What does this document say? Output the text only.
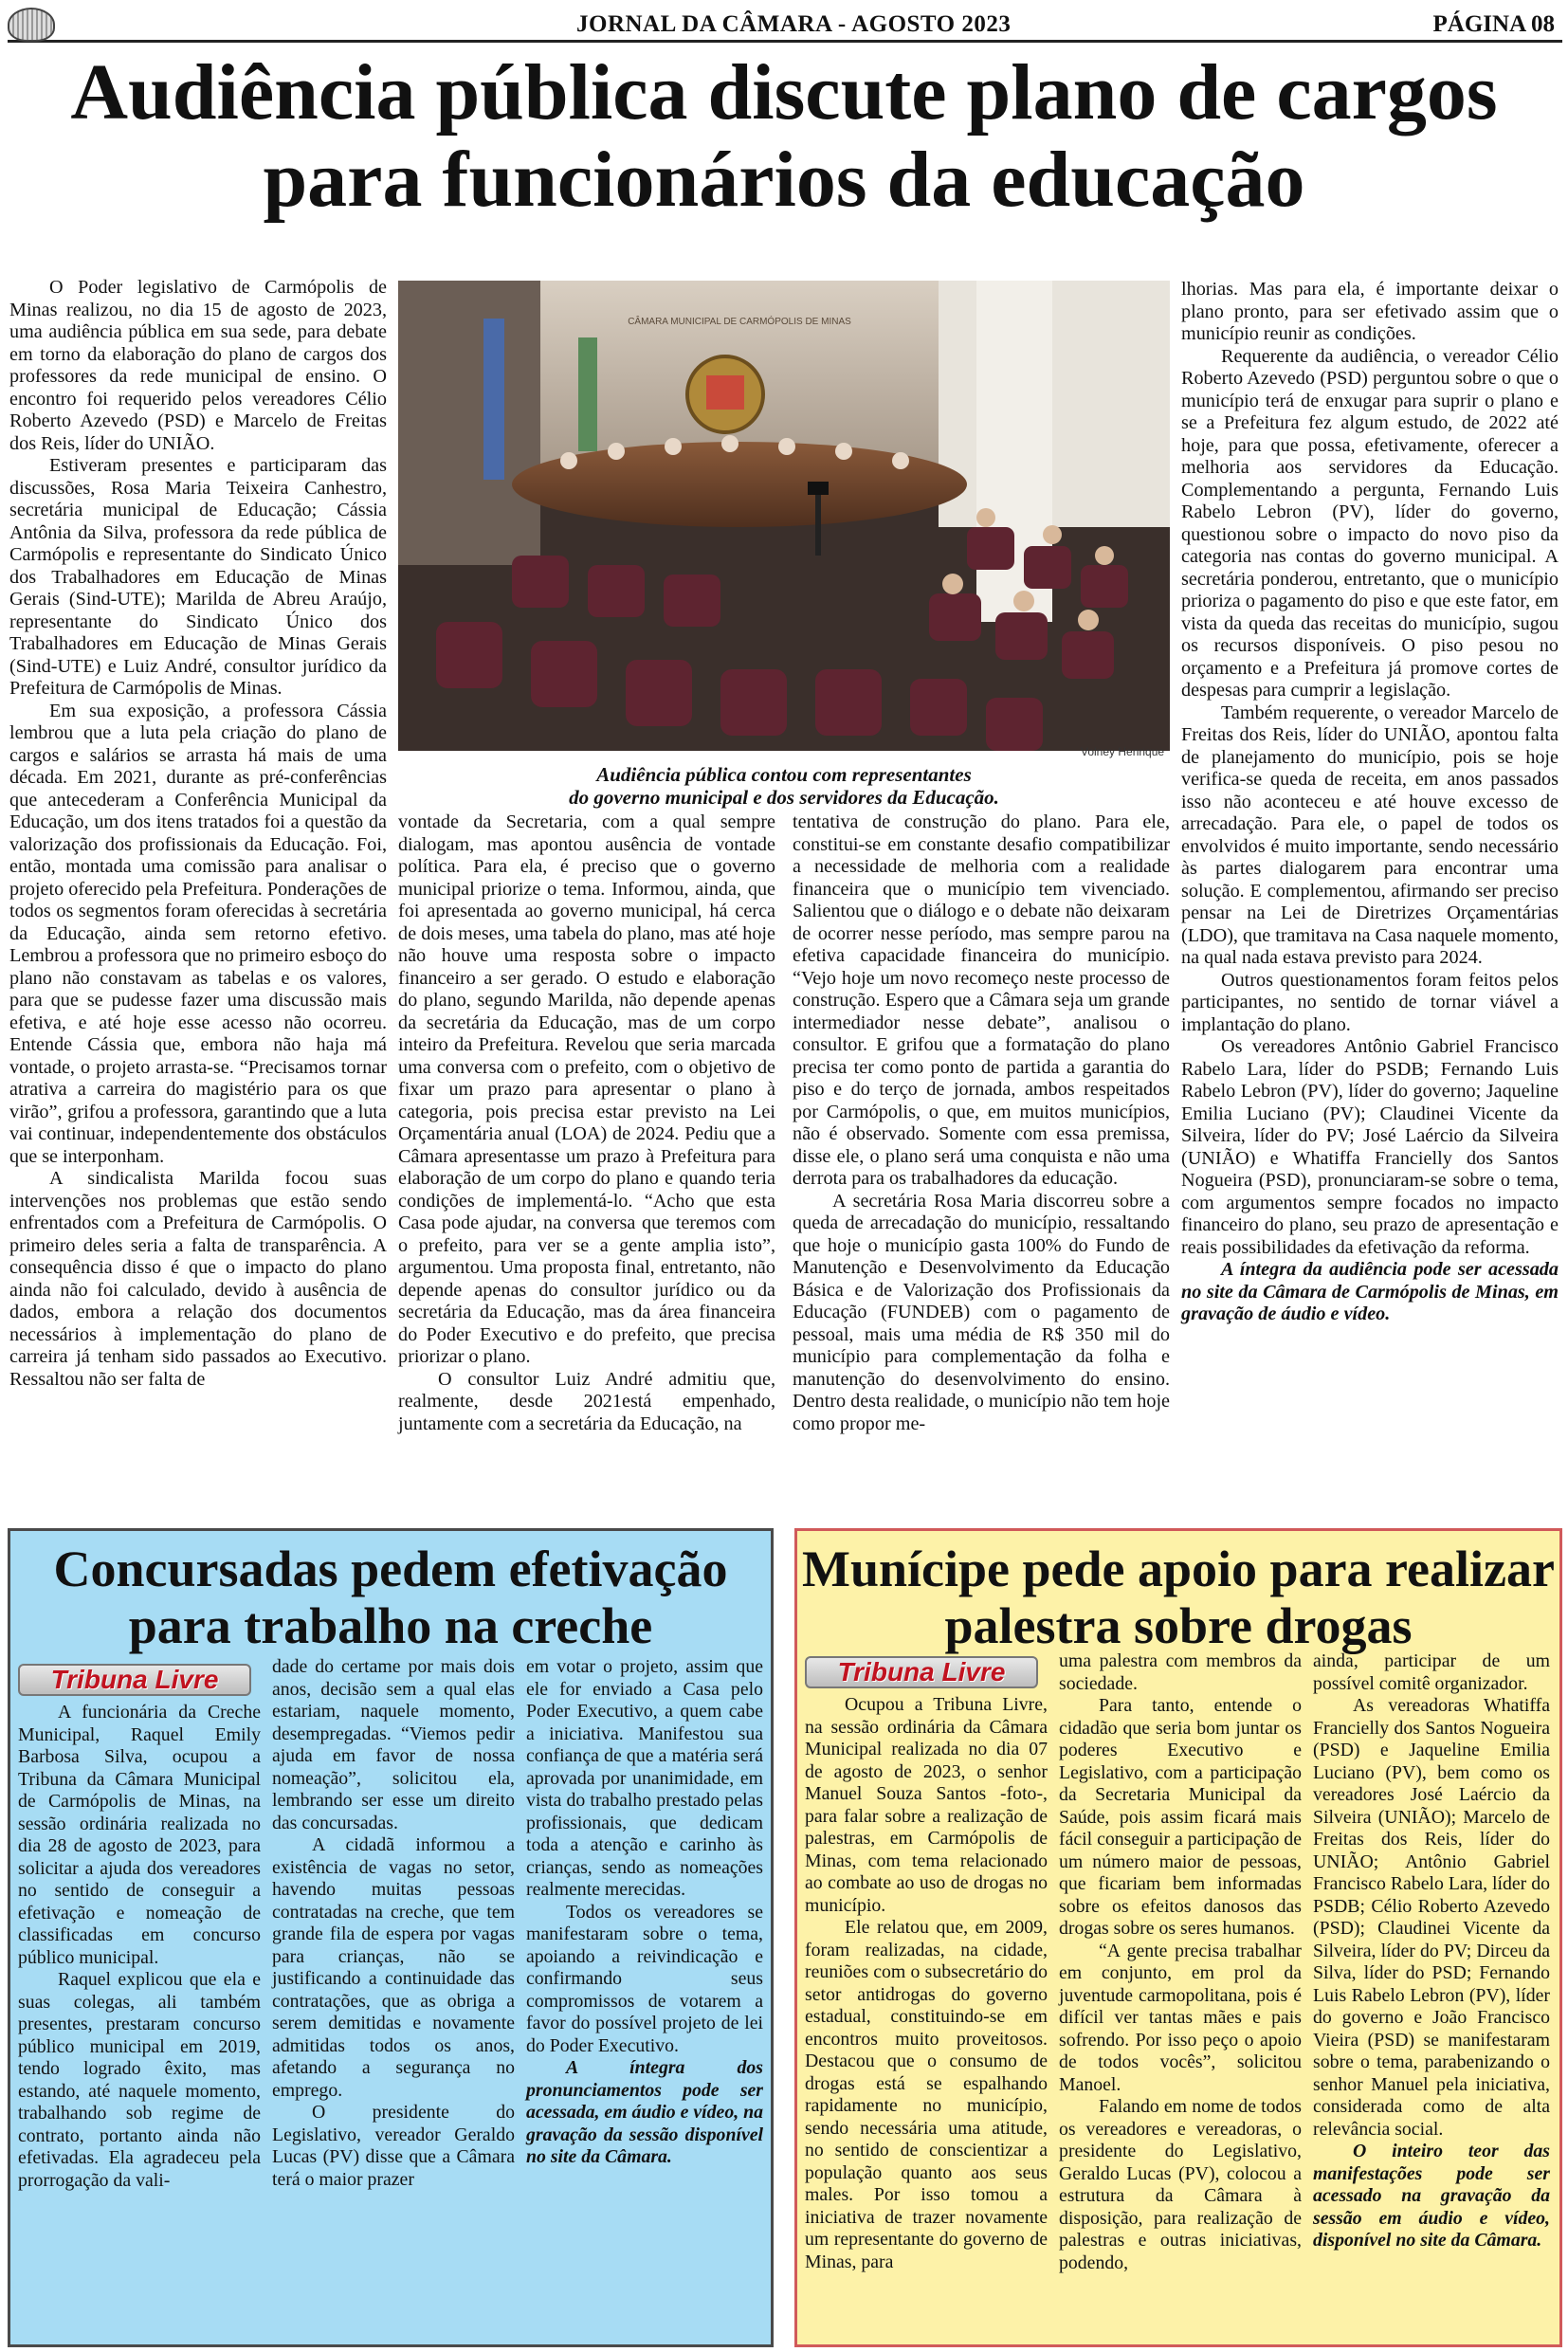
JORNAL DA CÂMARA - AGOSTO 2023	PÁGINA 08
Audiência pública discute plano de cargos para funcionários da educação

O Poder legislativo de Carmópolis de Minas realizou, no dia 15 de agosto de 2023, uma audiência pública em sua sede, para debate em torno da elaboração do plano de cargos dos professores da rede municipal de ensino. O encontro foi requerido pelos vereadores Célio Roberto Azevedo (PSD) e Marcelo de Freitas dos Reis, líder do UNIÃO.

Estiveram presentes e participaram das discussões, Rosa Maria Teixeira Canhestro, secretária municipal de Educação; Cássia Antônia da Silva, professora da rede pública de Carmópolis e representante do Sindicato Único dos Trabalhadores em Educação de Minas Gerais (Sind-UTE); Marilda de Abreu Araújo, representante do Sindicato Único dos Trabalhadores em Educação de Minas Gerais (Sind-UTE) e Luiz André, consultor jurídico da Prefeitura de Carmópolis de Minas.

Em sua exposição, a professora Cássia lembrou que a luta pela criação do plano de cargos e salários se arrasta há mais de uma década. Em 2021, durante as pré-conferências que antecederam a Conferência Municipal da Educação, um dos itens tratados foi a questão da valorização dos profissionais da Educação. Foi, então, montada uma comissão para analisar o projeto oferecido pela Prefeitura. Ponderações de todos os segmentos foram oferecidas à secretária da Educação, ainda sem retorno efetivo. Lembrou a professora que no primeiro esboço do plano não constavam as tabelas e os valores, para que se pudesse fazer uma discussão mais efetiva, e até hoje esse acesso não ocorreu. Entende Cássia que, embora não haja má vontade, o projeto arrasta-se. “Precisamos tornar atrativa a carreira do magistério para os que virão”, grifou a professora, garantindo que a luta vai continuar, independentemente dos obstáculos que se interponham.

A sindicalista Marilda focou suas intervenções nos problemas que estão sendo enfrentados com a Prefeitura de Carmópolis. O primeiro deles seria a falta de transparência. A consequência disso é que o impacto do plano ainda não foi calculado, devido à ausência de dados, embora a relação dos documentos necessários à implementação do plano de carreira já tenham sido passados ao Executivo. Ressaltou não ser falta de

CÂMARA MUNICIPAL DE CARMÓPOLIS DE MINAS
Volney Henrique
Audiência pública contou com representantes
do governo municipal e dos servidores da Educação.

vontade da Secretaria, com a qual sempre dialogam, mas apontou ausência de vontade política. Para ela, é preciso que o governo municipal priorize o tema. Informou, ainda, que foi apresentada ao governo municipal, há cerca de dois meses, uma tabela do plano, mas até hoje não houve uma resposta sobre o impacto financeiro a ser gerado. O estudo e elaboração do plano, segundo Marilda, não depende apenas da secretária da Educação, mas de um corpo inteiro da Prefeitura. Revelou que seria marcada uma conversa com o prefeito, com o objetivo de fixar um prazo para apresentar o plano à categoria, pois precisa estar previsto na Lei Orçamentária anual (LOA) de 2024. Pediu que a Câmara apresentasse um prazo à Prefeitura para elaboração de um corpo do plano e quando teria condições de implementá-lo. “Acho que esta Casa pode ajudar, na conversa que teremos com o prefeito, para ver se a gente amplia isto”, argumentou. Uma proposta final, entretanto, não depende apenas do consultor jurídico ou da secretária da Educação, mas da área financeira do Poder Executivo e do prefeito, que precisa priorizar o plano.

O consultor Luiz André admitiu que, realmente, desde 2021está empenhado, juntamente com a secretária da Educação, na

tentativa de construção do plano. Para ele, constitui-se em constante desafio compatibilizar a necessidade de melhoria com a realidade financeira que o município tem vivenciado. Salientou que o diálogo e o debate não deixaram de ocorrer nesse período, mas sempre parou na efetiva capacidade financeira do município. “Vejo hoje um novo recomeço neste processo de construção. Espero que a Câmara seja um grande intermediador nesse debate”, analisou o consultor. E grifou que a formatação do plano precisa ter como ponto de partida a garantia do piso e do terço de jornada, ambos respeitados por Carmópolis, o que, em muitos municípios, não é observado. Somente com essa premissa, disse ele, o plano será uma conquista e não uma derrota para os trabalhadores da educação.

A secretária Rosa Maria discorreu sobre a queda de arrecadação do município, ressaltando que hoje o município gasta 100% do Fundo de Manutenção e Desenvolvimento da Educação Básica e de Valorização dos Profissionais da Educação (FUNDEB) com o pagamento de pessoal, mais uma média de R$ 350 mil do município para complementação da folha e manutenção do desenvolvimento do ensino. Dentro desta realidade, o município não tem hoje como propor me-

lhorias. Mas para ela, é importante deixar o plano pronto, para ser efetivado assim que o município reunir as condições.

Requerente da audiência, o vereador Célio Roberto Azevedo (PSD) perguntou sobre o que o município terá de enxugar para suprir o plano e se a Prefeitura fez algum estudo, de 2022 até hoje, para que possa, efetivamente, oferecer a melhoria aos servidores da Educação. Complementando a pergunta, Fernando Luis Rabelo Lebron (PV), líder do governo, questionou sobre o impacto do novo piso da categoria nas contas do governo municipal. A secretária ponderou, entretanto, que o município prioriza o pagamento do piso e que este fator, em vista da queda das receitas do município, sugou os recursos disponíveis. O piso pesou no orçamento e a Prefeitura já promove cortes de despesas para cumprir a legislação.

Também requerente, o vereador Marcelo de Freitas dos Reis, líder do UNIÃO, apontou falta de planejamento do município, pois se hoje verifica-se queda de receita, em anos passados isso não aconteceu e até houve excesso de arrecadação. Para ele, o papel de todos os envolvidos é muito importante, sendo necessário às partes dialogarem para encontrar uma solução. E complementou, afirmando ser preciso pensar na Lei de Diretrizes Orçamentárias (LDO), que tramitava na Casa naquele momento, na qual nada estava previsto para 2024.

Outros questionamentos foram feitos pelos participantes, no sentido de tornar viável a implantação do plano.

Os vereadores Antônio Gabriel Francisco Rabelo Lara, líder do PSDB; Fernando Luis Rabelo Lebron (PV), líder do governo; Jaqueline Emilia Luciano (PV); Claudinei Vicente da Silveira, líder do PV; José Laércio da Silveira (UNIÃO) e Whatiffa Francielly dos Santos Nogueira (PSD), pronunciaram-se sobre o tema, com argumentos sempre focados no impacto financeiro do plano, seu prazo de apresentação e reais possibilidades da efetivação da reforma.

A íntegra da audiência pode ser acessada no site da Câmara de Carmópolis de Minas, em gravação de áudio e vídeo.

Concursadas pedem efetivação para trabalho na creche
Tribuna Livre

A funcionária da Creche Municipal, Raquel Emily Barbosa Silva, ocupou a Tribuna da Câmara Municipal de Carmópolis de Minas, na sessão ordinária realizada no dia 28 de agosto de 2023, para solicitar a ajuda dos vereadores no sentido de conseguir a efetivação e nomeação de classificadas em concurso público municipal.

Raquel explicou que ela e suas colegas, ali também presentes, prestaram concurso público municipal em 2019, tendo logrado êxito, mas estando, até naquele momento, trabalhando sob regime de contrato, portanto ainda não efetivadas. Ela agradeceu pela prorrogação da vali-

dade do certame por mais dois anos, decisão sem a qual elas estariam, naquele momento, desempregadas. “Viemos pedir ajuda em favor de nossa nomeação”, solicitou ela, lembrando ser esse um direito das concursadas.

A cidadã informou a existência de vagas no setor, havendo muitas pessoas contratadas na creche, que tem grande fila de espera por vagas para crianças, não se justificando a continuidade das contratações, que as obriga a serem demitidas e novamente admitidas todos os anos, afetando a segurança no emprego.

O presidente do Legislativo, vereador Geraldo Lucas (PV) disse que a Câmara terá o maior prazer

em votar o projeto, assim que ele for enviado a Casa pelo Poder Executivo, a quem cabe a iniciativa. Manifestou sua confiança de que a matéria será aprovada por unanimidade, em vista do trabalho prestado pelas profissionais, que dedicam toda a atenção e carinho às crianças, sendo as nomeações realmente merecidas.

Todos os vereadores se manifestaram sobre o tema, apoiando a reivindicação e confirmando seus compromissos de votarem a favor do possível projeto de lei do Poder Executivo.

A íntegra dos pronunciamentos pode ser acessada, em áudio e vídeo, na gravação da sessão disponível no site da Câmara.

Munícipe pede apoio para realizar palestra sobre drogas
Tribuna Livre

Ocupou a Tribuna Livre, na sessão ordinária da Câmara Municipal realizada no dia 07 de agosto de 2023, o senhor Manuel Souza Santos -foto-, para falar sobre a realização de palestras, em Carmópolis de Minas, com tema relacionado ao combate ao uso de drogas no município.

Ele relatou que, em 2009, foram realizadas, na cidade, reuniões com o subsecretário do setor antidrogas do governo estadual, constituindo-se em encontros muito proveitosos. Destacou que o consumo de drogas está se espalhando rapidamente no município, sendo necessária uma atitude, no sentido de conscientizar a população quanto aos seus males. Por isso tomou a iniciativa de trazer novamente um representante do governo de Minas, para

uma palestra com membros da sociedade.

Para tanto, entende o cidadão que seria bom juntar os poderes Executivo e Legislativo, com a participação da Secretaria Municipal da Saúde, pois assim ficará mais fácil conseguir a participação de um número maior de pessoas, que ficariam bem informadas sobre os efeitos danosos das drogas sobre os seres humanos.

“A gente precisa trabalhar em conjunto, em prol da juventude carmopolitana, pois é difícil ver tantas mães e pais sofrendo. Por isso peço o apoio de todos vocês”, solicitou Manoel.

Falando em nome de todos os vereadores e vereadoras, o presidente do Legislativo, Geraldo Lucas (PV), colocou a estrutura da Câmara à disposição, para realização de palestras e outras iniciativas, podendo,

ainda, participar de um possível comitê organizador.

As vereadoras Whatiffa Francielly dos Santos Nogueira (PSD) e Jaqueline Emilia Luciano (PV), bem como os vereadores José Laércio da Silveira (UNIÃO); Marcelo de Freitas dos Reis, líder do UNIÃO; Antônio Gabriel Francisco Rabelo Lara, líder do PSDB; Célio Roberto Azevedo (PSD); Claudinei Vicente da Silveira, líder do PV; Dirceu da Silva, líder do PSD; Fernando Luis Rabelo Lebron (PV), líder do governo e João Francisco Vieira (PSD) se manifestaram sobre o tema, parabenizando o senhor Manuel pela iniciativa, considerada como de alta relevância social.

O inteiro teor das manifestações pode ser acessado na gravação da sessão em áudio e vídeo, disponível no site da Câmara.
